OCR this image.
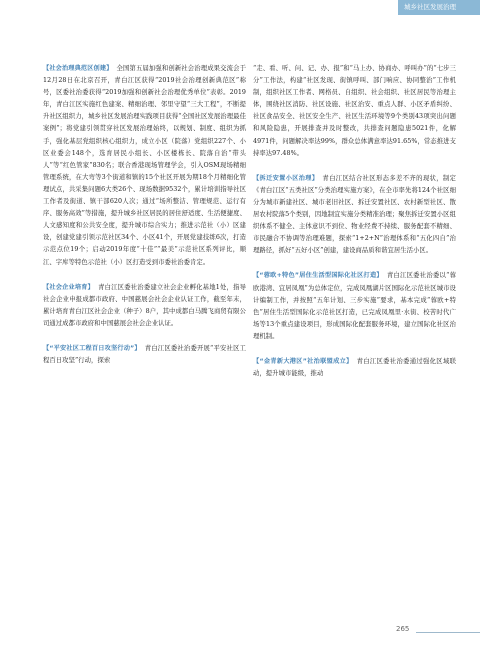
城乡社区发展治理

【社会治理典范区创建】 全国第五届加强和创新社会治理成果交流会于12月28日在北京召开，青白江区获得“2019社会治理创新典范区”称号，区委社治委获得“2019加强和创新社会治理优秀单位”表彰。2019年，青白江区实施红色建案、精细治理、邻里守望“三大工程”，不断提升社区组织力，城乡社区发展治理实践项目获得“全国社区发展治理最佳案例”；将党建引领贯穿社区发展治理始终，以规划、制度、组织为抓手，强化基层党组织核心组织力，成立小区（院落）党组织227个、小区业委会148个，选育居民小组长、小区楼栋长、院落自治“带头人”等“红色管家”830名；联合香港现场管理学会，引入OSM现场精细管理系统，在大弯等3个街道和镇的15个社区开展为期18个月精细化管理试点，共采集问题6大类26个、现场数据9532个，累计培训指导社区工作者及街道、镇干部620人次；通过“场所整洁、管理规范、运行有序、服务高效”等措施，提升城乡社区居民的居住舒适度、生活便捷度、人文感知度和公共安全度，提升城市综合实力；推进示范社（小）区建设，创建党建引领示范社区34个、小区41个，开展党建技练6次，打造示范点位19个；启动2019年度“十佳”“最美”示范社区系列评比，顺江、字库等特色示范社（小）区打造受到市委社治委肯定。

【社会企业培育】 青白江区委社治委建立社会企业孵化基地1处，指导社会企业申报成都市政府、中国慈展会社会企业认证工作，截至年末，累计培育青白江区社会企业（种子）8户，其中成都白马腾飞商贸有限公司通过成都市政府和中国慈展会社会企业认证。

【“平安社区工程百日攻坚行动”】 青白江区委社治委开展“平安社区工程百日攻坚”行动，探索

“走、看、听、问、记、办、报”和“马上办、协商办、呼叫办”的“七步三分”工作法，构建“社区发现、街镇呼叫、部门响应、协同整治”工作机制，组织社区工作者、网格员、自组织、社会组织、社区居民等治理主体，围绕社区消防、社区设施、社区治安、重点人群、小区矛盾纠纷、社区食品安全、社区安全生产、社区生活环境等9个类别43项突出问题和风险隐患，开展排查并及时整改，共排查问题隐患5021件，化解4971件，问题解决率达99%，群众总体满意率达91.65%，常态推进支持率达97.48%。

【拆迁安置小区治理】 青白江区结合社区形态多差不齐的现状，制定《青白江区“五类社区”分类治理实施方案》，在全市率先将124个社区细分为城市新建社区、城市老旧社区、拆迁安置社区、农村新型社区、散居农村院落5个类别，因地制宜实施分类精准治理；聚焦拆迁安置小区组织体系不健全、主体意识不到位、物业经费不持续、服务配套不精细、市民融合不协调等治理难题，探索“1+2+N”治理体系和“五化四自”治理路径，抓好“五好小区”创建，建设商品质和谐宜居生活小区。

【“蓉欧+特色”居住生活型国际化社区打造】 青白江区委社治委以“蓉欧港湾、宜居凤凰”为总体定位，完成凤凰湖片区国际化示范社区城市设计编制工作，并按照“五年计划、三步实施”要求，基本完成“蓉欧+特色”居住生活型国际化示范社区打造，已完成凤凰里·水街、校苦时代广场等13个重点建设项目，形成国际化配套服务环境，建立国际化社区治理机制。

【“金青新大港区”社治联盟成立】 青白江区委社治委通过强化区域联动，提升城市能级，推动

265
